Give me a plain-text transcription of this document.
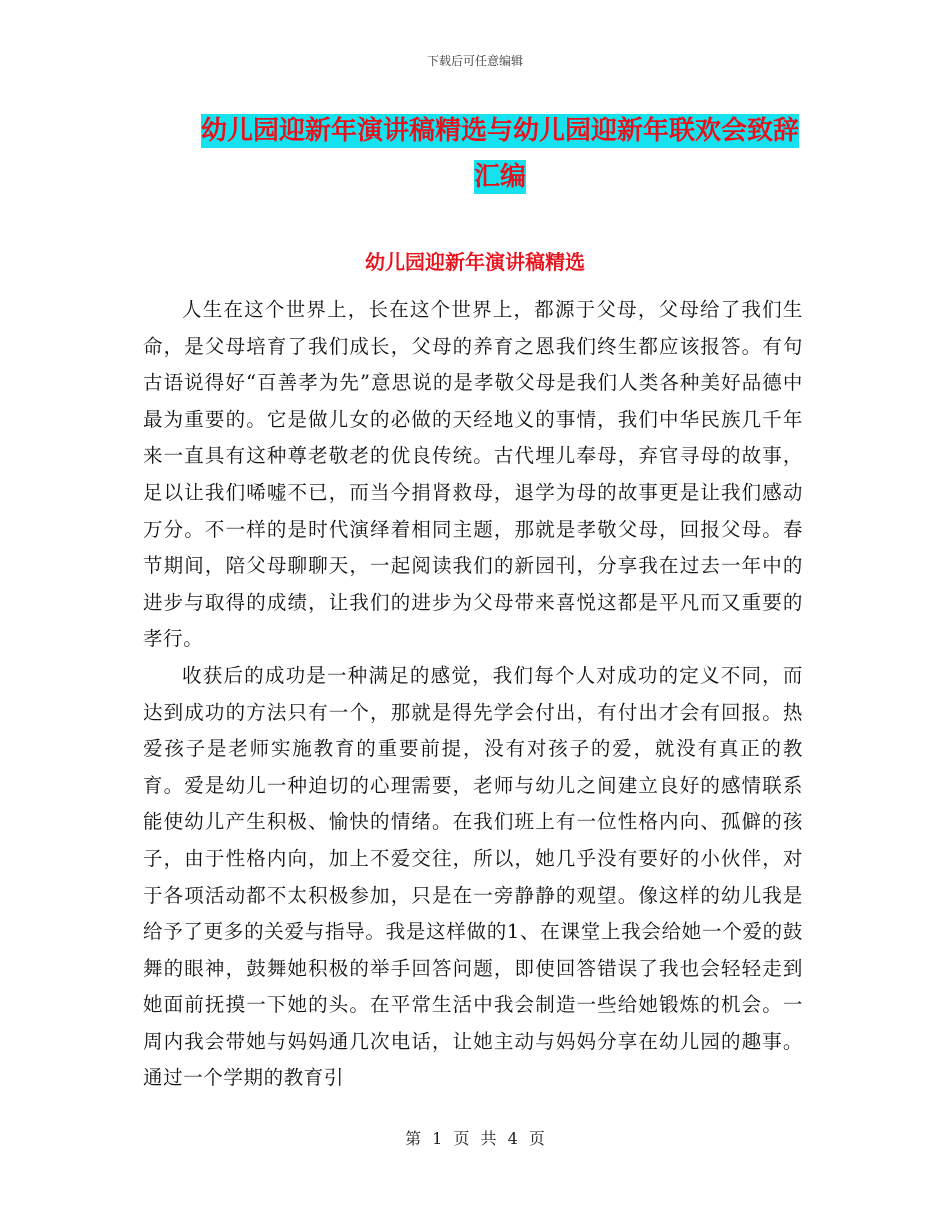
下载后可任意编辑
幼儿园迎新年演讲稿精选与幼儿园迎新年联欢会致辞
汇编
幼儿园迎新年演讲稿精选

人生在这个世界上，长在这个世界上，都源于父母，父母给了我们生命，是父母培育了我们成长，父母的养育之恩我们终生都应该报答。有句古语说得好“百善孝为先”意思说的是孝敬父母是我们人类各种美好品德中最为重要的。它是做儿女的必做的天经地义的事情，我们中华民族几千年来一直具有这种尊老敬老的优良传统。古代埋儿奉母，弃官寻母的故事，足以让我们唏嘘不已，而当今捐肾救母，退学为母的故事更是让我们感动万分。不一样的是时代演绎着相同主题，那就是孝敬父母，回报父母。春节期间，陪父母聊聊天，一起阅读我们的新园刊，分享我在过去一年中的进步与取得的成绩，让我们的进步为父母带来喜悦这都是平凡而又重要的孝行。

收获后的成功是一种满足的感觉，我们每个人对成功的定义不同，而达到成功的方法只有一个，那就是得先学会付出，有付出才会有回报。热爱孩子是老师实施教育的重要前提，没有对孩子的爱，就没有真正的教育。爱是幼儿一种迫切的心理需要，老师与幼儿之间建立良好的感情联系能使幼儿产生积极、愉快的情绪。在我们班上有一位性格内向、孤僻的孩子，由于性格内向，加上不爱交往，所以，她几乎没有要好的小伙伴，对于各项活动都不太积极参加，只是在一旁静静的观望。像这样的幼儿我是给予了更多的关爱与指导。我是这样做的1、在课堂上我会给她一个爱的鼓舞的眼神，鼓舞她积极的举手回答问题，即使回答错误了我也会轻轻走到她面前抚摸一下她的头。在平常生活中我会制造一些给她锻炼的机会。一周内我会带她与妈妈通几次电话，让她主动与妈妈分享在幼儿园的趣事。通过一个学期的教育引

第 1 页 共 4 页
